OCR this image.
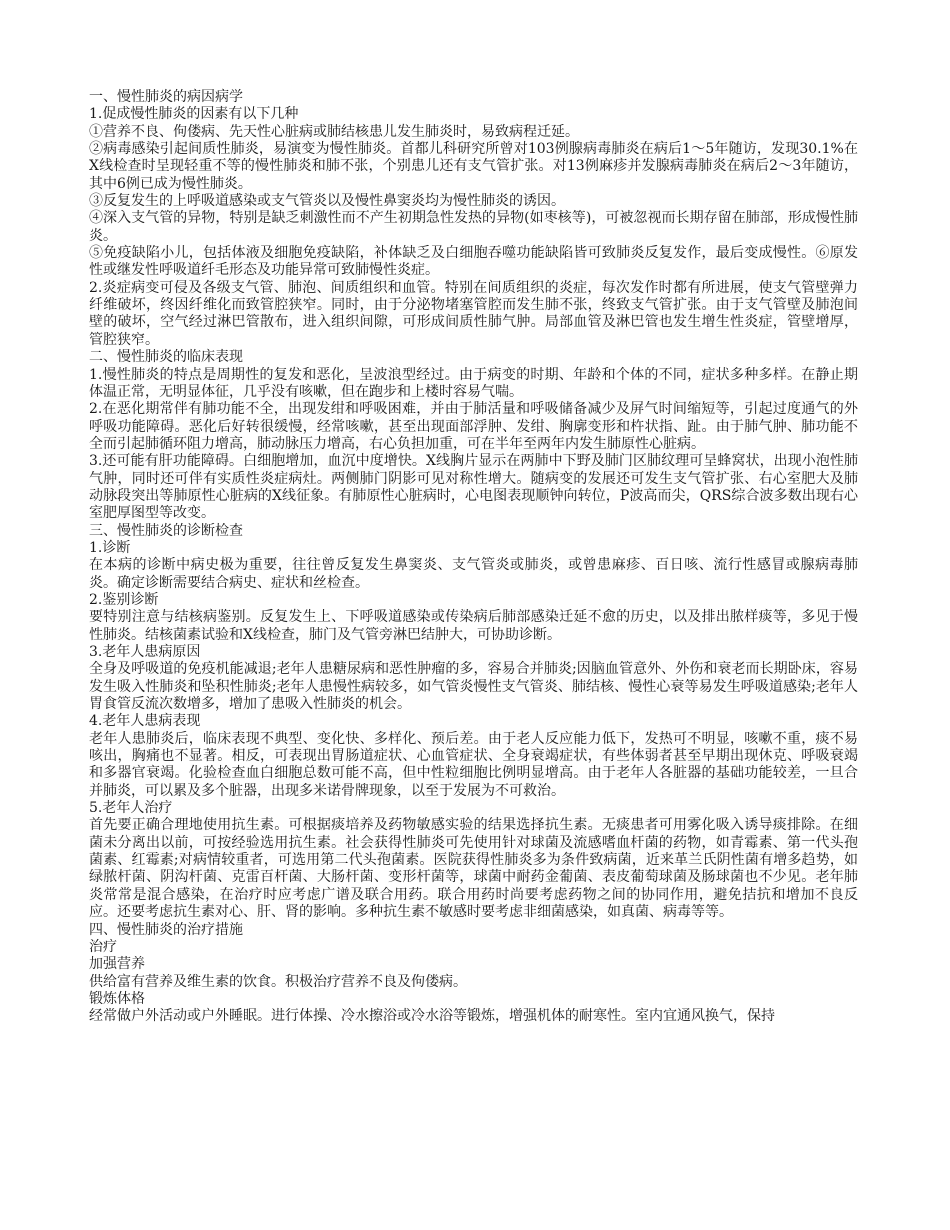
一、慢性肺炎的病因病学

1.促成慢性肺炎的因素有以下几种

①营养不良、佝偻病、先天性心脏病或肺结核患儿发生肺炎时，易致病程迁延。

②病毒感染引起间质性肺炎，易演变为慢性肺炎。首都儿科研究所曾对103例腺病毒肺炎在病后1～5年随访，发现30.1%在X线检查时呈现轻重不等的慢性肺炎和肺不张，个别患儿还有支气管扩张。对13例麻疹并发腺病毒肺炎在病后2～3年随访，其中6例已成为慢性肺炎。

③反复发生的上呼吸道感染或支气管炎以及慢性鼻窦炎均为慢性肺炎的诱因。

④深入支气管的异物，特别是缺乏刺激性而不产生初期急性发热的异物(如枣核等)，可被忽视而长期存留在肺部，形成慢性肺炎。

⑤免疫缺陷小儿，包括体液及细胞免疫缺陷，补体缺乏及白细胞吞噬功能缺陷皆可致肺炎反复发作，最后变成慢性。⑥原发性或继发性呼吸道纤毛形态及功能异常可致肺慢性炎症。

2.炎症病变可侵及各级支气管、肺泡、间质组织和血管。特别在间质组织的炎症，每次发作时都有所进展，使支气管壁弹力纤维破坏，终因纤维化而致管腔狭窄。同时，由于分泌物堵塞管腔而发生肺不张，终致支气管扩张。由于支气管壁及肺泡间壁的破坏，空气经过淋巴管散布，进入组织间隙，可形成间质性肺气肿。局部血管及淋巴管也发生增生性炎症，管壁增厚，管腔狭窄。

二、慢性肺炎的临床表现

1.慢性肺炎的特点是周期性的复发和恶化，呈波浪型经过。由于病变的时期、年龄和个体的不同，症状多种多样。在静止期体温正常，无明显体征，几乎没有咳嗽，但在跑步和上楼时容易气喘。

2.在恶化期常伴有肺功能不全，出现发绀和呼吸困难，并由于肺活量和呼吸储备减少及屏气时间缩短等，引起过度通气的外呼吸功能障碍。恶化后好转很缓慢，经常咳嗽，甚至出现面部浮肿、发绀、胸廓变形和杵状指、趾。由于肺气肿、肺功能不全而引起肺循环阻力增高，肺动脉压力增高，右心负担加重，可在半年至两年内发生肺原性心脏病。

3.还可能有肝功能障碍。白细胞增加，血沉中度增快。X线胸片显示在两肺中下野及肺门区肺纹理可呈蜂窝状，出现小泡性肺气肿，同时还可伴有实质性炎症病灶。两侧肺门阴影可见对称性增大。随病变的发展还可发生支气管扩张、右心室肥大及肺动脉段突出等肺原性心脏病的X线征象。有肺原性心脏病时，心电图表现顺钟向转位，P波高而尖，QRS综合波多数出现右心室肥厚图型等改变。

三、慢性肺炎的诊断检查

1.诊断

在本病的诊断中病史极为重要，往往曾反复发生鼻窦炎、支气管炎或肺炎，或曾患麻疹、百日咳、流行性感冒或腺病毒肺炎。确定诊断需要结合病史、症状和丝检查。

2.鉴别诊断

要特别注意与结核病鉴别。反复发生上、下呼吸道感染或传染病后肺部感染迁延不愈的历史，以及排出脓样痰等，多见于慢性肺炎。结核菌素试验和X线检查，肺门及气管旁淋巴结肿大，可协助诊断。

3.老年人患病原因

全身及呼吸道的免疫机能减退;老年人患糖尿病和恶性肿瘤的多，容易合并肺炎;因脑血管意外、外伤和衰老而长期卧床，容易发生吸入性肺炎和坠积性肺炎;老年人患慢性病较多，如气管炎慢性支气管炎、肺结核、慢性心衰等易发生呼吸道感染;老年人胃食管反流次数增多，增加了患吸入性肺炎的机会。

4.老年人患病表现

老年人患肺炎后，临床表现不典型、变化快、多样化、预后差。由于老人反应能力低下，发热可不明显，咳嗽不重，痰不易咳出，胸痛也不显著。相反，可表现出胃肠道症状、心血管症状、全身衰竭症状，有些体弱者甚至早期出现休克、呼吸衰竭和多器官衰竭。化验检查血白细胞总数可能不高，但中性粒细胞比例明显增高。由于老年人各脏器的基础功能较差，一旦合并肺炎，可以累及多个脏器，出现多米诺骨牌现象，以至于发展为不可救治。

5.老年人治疗

首先要正确合理地使用抗生素。可根据痰培养及药物敏感实验的结果选择抗生素。无痰患者可用雾化吸入诱导痰排除。在细菌未分离出以前，可按经验选用抗生素。社会获得性肺炎可先使用针对球菌及流感嗜血杆菌的药物，如青霉素、第一代头孢菌素、红霉素;对病情较重者，可选用第二代头孢菌素。医院获得性肺炎多为条件致病菌，近来革兰氏阴性菌有增多趋势，如绿脓杆菌、阴沟杆菌、克雷百杆菌、大肠杆菌、变形杆菌等，球菌中耐药金葡菌、表皮葡萄球菌及肠球菌也不少见。老年肺炎常常是混合感染，在治疗时应考虑广谱及联合用药。联合用药时尚要考虑药物之间的协同作用，避免拮抗和增加不良反应。还要考虑抗生素对心、肝、肾的影响。多种抗生素不敏感时要考虑非细菌感染，如真菌、病毒等等。

四、慢性肺炎的治疗措施

治疗

加强营养

供给富有营养及维生素的饮食。积极治疗营养不良及佝偻病。

锻炼体格

经常做户外活动或户外睡眠。进行体操、冷水擦浴或冷水浴等锻炼，增强机体的耐寒性。室内宜通风换气，保持
